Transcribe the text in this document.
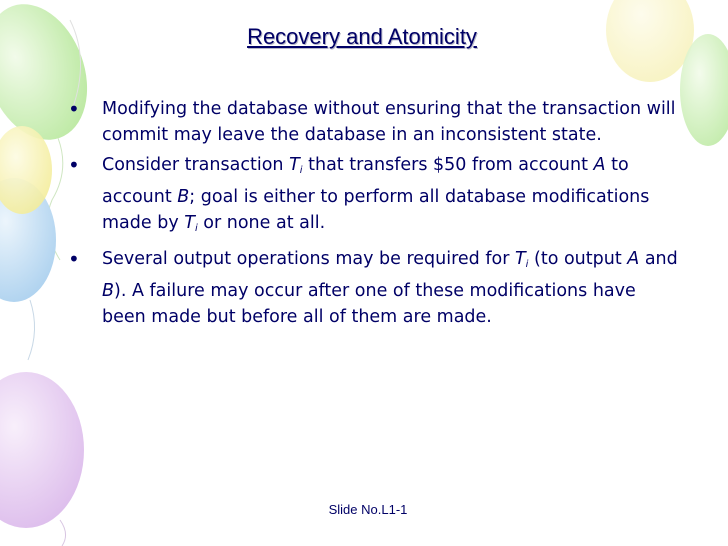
Recovery and Atomicity
• Modifying the database without ensuring that the transaction will commit may leave the database in an inconsistent state.
• Consider transaction $T_i$ that transfers $50 from account A to account B; goal is either to perform all database modifications made by $T_i$ or none at all.
• Several output operations may be required for $T_i$ (to output A and B). A failure may occur after one of these modifications have been made but before all of them are made.
Slide No.L1-1
